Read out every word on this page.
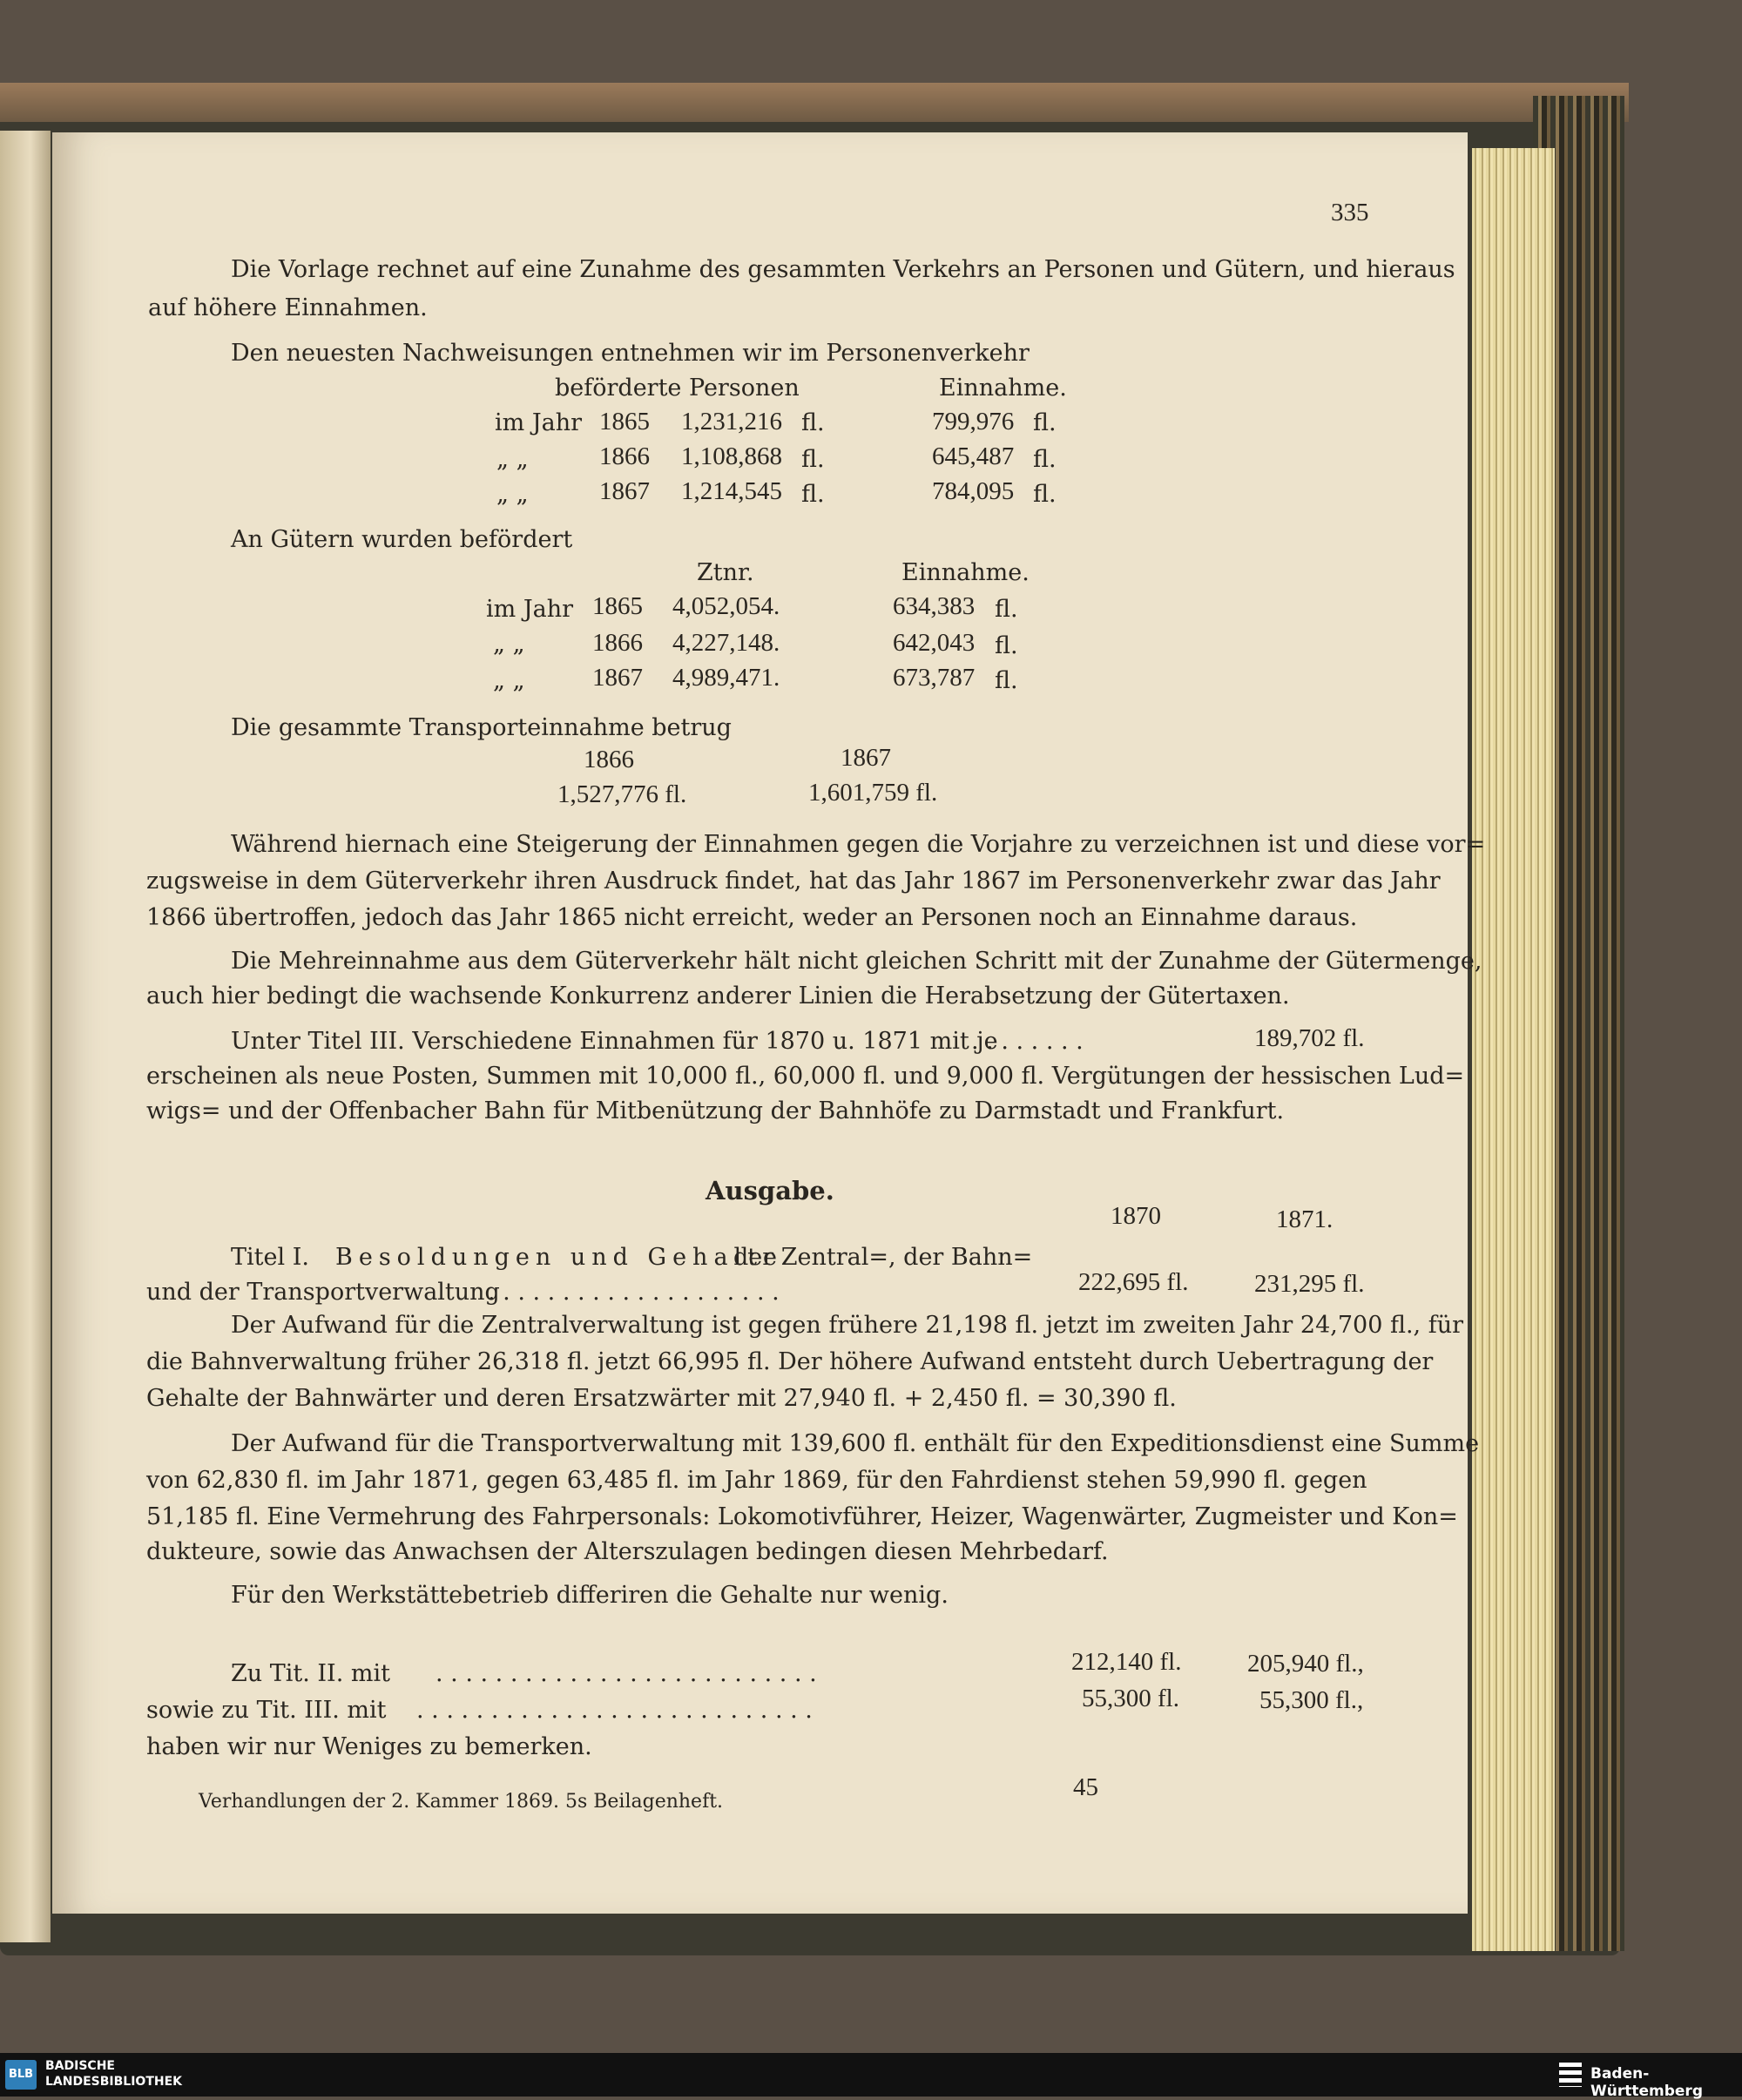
335
Die Vorlage rechnet auf eine Zunahme des gesammten Verkehrs an Personen und Gütern, und hieraus
auf höhere Einnahmen.
Den neuesten Nachweisungen entnehmen wir im Personenverkehr
beförderte Personen	Einnahme.
im Jahr 1865 1,231,216 fl.	799,976 fl.
„ „	1866 1,108,868 fl.	645,487 fl.
„ „	1867 1,214,545 fl.	784,095 fl.
An Gütern wurden befördert
Ztnr.	Einnahme.
im Jahr 1865 4,052,054.	634,383 fl.
„ „	1866 4,227,148.	642,043 fl.
„ „	1867 4,989,471.	673,787 fl.
Die gesammte Transporteinnahme betrug
1866	1867
1,527,776 fl.	1,601,759 fl.
Während hiernach eine Steigerung der Einnahmen gegen die Vorjahre zu verzeichnen ist und diese vor=
zugsweise in dem Güterverkehr ihren Ausdruck findet, hat das Jahr 1867 im Personenverkehr zwar das Jahr
1866 übertroffen, jedoch das Jahr 1865 nicht erreicht, weder an Personen noch an Einnahme daraus.
Die Mehreinnahme aus dem Güterverkehr hält nicht gleichen Schritt mit der Zunahme der Gütermenge,
auch hier bedingt die wachsende Konkurrenz anderer Linien die Herabsetzung der Gütertaxen.
Unter Titel III. Verschiedene Einnahmen für 1870 u. 1871 mit je
. . . . . . . .	189,702 fl.
erscheinen als neue Posten, Summen mit 10,000 fl., 60,000 fl. und 9,000 fl. Vergütungen der hessischen Lud=
wigs= und der Offenbacher Bahn für Mitbenützung der Bahnhöfe zu Darmstadt und Frankfurt.
Ausgabe.
1870	1871.
Titel I. Besoldungen und Gehalte
der Zentral=, der Bahn=
und der Transportverwaltung
. . . . . . . . . . . . . . . . . . . .	222,695 fl.	231,295 fl.
Der Aufwand für die Zentralverwaltung ist gegen frühere 21,198 fl. jetzt im zweiten Jahr 24,700 fl., für
die Bahnverwaltung früher 26,318 fl. jetzt 66,995 fl. Der höhere Aufwand entsteht durch Uebertragung der
Gehalte der Bahnwärter und deren Ersatzwärter mit 27,940 fl. + 2,450 fl. = 30,390 fl.
Der Aufwand für die Transportverwaltung mit 139,600 fl. enthält für den Expeditionsdienst eine Summe
von 62,830 fl. im Jahr 1871, gegen 63,485 fl. im Jahr 1869, für den Fahrdienst stehen 59,990 fl. gegen
51,185 fl. Eine Vermehrung des Fahrpersonals: Lokomotivführer, Heizer, Wagenwärter, Zugmeister und Kon=
dukteure, sowie das Anwachsen der Alterszulagen bedingen diesen Mehrbedarf.
Für den Werkstättebetrieb differiren die Gehalte nur wenig.
Zu Tit. II. mit . . . . . . . . . . . . . . . . . . . . . . . . . .	212,140 fl.	205,940 fl.,
sowie zu Tit. III. mit . . . . . . . . . . . . . . . . . . . . . . . . . . .	55,300 fl.	55,300 fl.,
haben wir nur Weniges zu bemerken.
Verhandlungen der 2. Kammer 1869. 5s Beilagenheft.
45
BLB
BADISCHE
LANDESBIBLIOTHEK	Baden-Württemberg
